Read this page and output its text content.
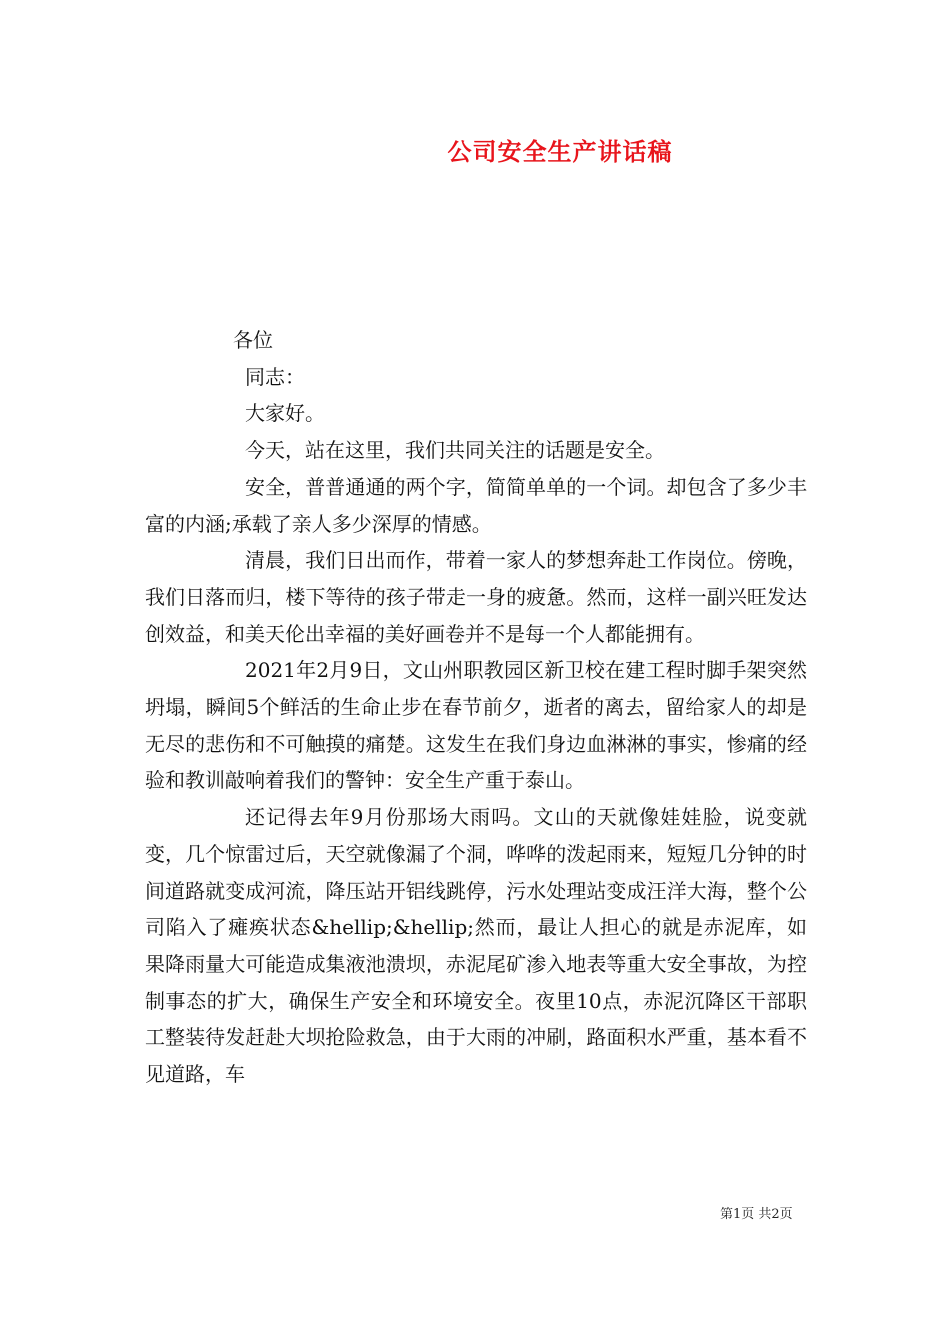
公司安全生产讲话稿

各位

同志：

大家好。

今天，站在这里，我们共同关注的话题是安全。

安全，普普通通的两个字，简简单单的一个词。却包含了多少丰富的内涵;承载了亲人多少深厚的情感。

清晨，我们日出而作，带着一家人的梦想奔赴工作岗位。傍晚，我们日落而归，楼下等待的孩子带走一身的疲惫。然而，这样一副兴旺发达创效益，和美天伦出幸福的美好画卷并不是每一个人都能拥有。

2021年2月9日，文山州职教园区新卫校在建工程时脚手架突然坍塌，瞬间5个鲜活的生命止步在春节前夕，逝者的离去，留给家人的却是无尽的悲伤和不可触摸的痛楚。这发生在我们身边血淋淋的事实，惨痛的经验和教训敲响着我们的警钟：安全生产重于泰山。

还记得去年9月份那场大雨吗。文山的天就像娃娃脸，说变就变，几个惊雷过后，天空就像漏了个洞，哗哗的泼起雨来，短短几分钟的时间道路就变成河流，降压站开铝线跳停，污水处理站变成汪洋大海，整个公司陷入了瘫痪状态&hellip;&hellip;然而，最让人担心的就是赤泥库，如果降雨量大可能造成集液池溃坝，赤泥尾矿渗入地表等重大安全事故，为控制事态的扩大，确保生产安全和环境安全。夜里10点，赤泥沉降区干部职工整装待发赶赴大坝抢险救急，由于大雨的冲刷，路面积水严重，基本看不见道路，车

第1页 共2页
